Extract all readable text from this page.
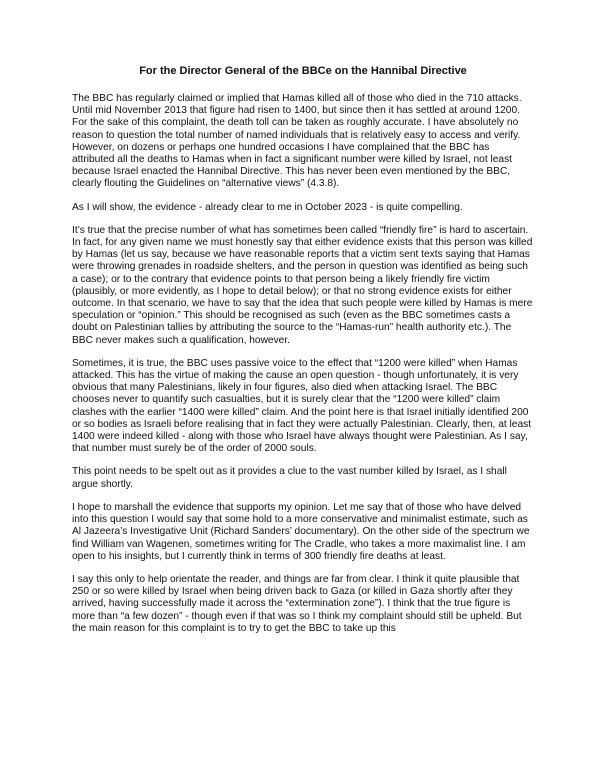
For the Director General of the BBCe on the Hannibal Directive

The BBC has regularly claimed or implied that Hamas killed all of those who died in the 710 attacks. Until mid November 2013 that figure had risen to 1400, but since then it has settled at around 1200. For the sake of this complaint, the death toll can be taken as roughly accurate. I have absolutely no reason to question the total number of named individuals that is relatively easy to access and verify. However, on dozens or perhaps one hundred occasions I have complained that the BBC has attributed all the deaths to Hamas when in fact a significant number were killed by Israel, not least because Israel enacted the Hannibal Directive. This has never been even mentioned by the BBC, clearly flouting the Guidelines on “alternative views” (4.3.8).

As I will show, the evidence - already clear to me in October 2023 - is quite compelling.

It’s true that the precise number of what has sometimes been called “friendly fire” is hard to ascertain. In fact, for any given name we must honestly say that either evidence exists that this person was killed by Hamas (let us say, because we have reasonable reports that a victim sent texts saying that Hamas were throwing grenades in roadside shelters, and the person in question was identified as being such a case); or to the contrary that evidence points to that person being a likely friendly fire victim (plausibly, or more evidently, as I hope to detail below); or that no strong evidence exists for either outcome. In that scenario, we have to say that the idea that such people were killed by Hamas is mere speculation or “opinion.” This should be recognised as such (even as the BBC sometimes casts a doubt on Palestinian tallies by attributing the source to the “Hamas-run” health authority etc.). The BBC never makes such a qualification, however.

Sometimes, it is true, the BBC uses passive voice to the effect that “1200 were killed” when Hamas attacked. This has the virtue of making the cause an open question - though unfortunately, it is very obvious that many Palestinians, likely in four figures, also died when attacking Israel. The BBC chooses never to quantify such casualties, but it is surely clear that the “1200 were killed” claim clashes with the earlier “1400 were killed” claim. And the point here is that Israel initially identified 200 or so bodies as Israeli before realising that in fact they were actually Palestinian. Clearly, then, at least 1400 were indeed killed - along with those who Israel have always thought were Palestinian. As I say, that number must surely be of the order of 2000 souls.

This point needs to be spelt out as it provides a clue to the vast number killed by Israel, as I shall argue shortly.

I hope to marshall the evidence that supports my opinion. Let me say that of those who have delved into this question I would say that some hold to a more conservative and minimalist estimate, such as Al Jazeera’s Investigative Unit (Richard Sanders’ documentary). On the other side of the spectrum we find William van Wagenen, sometimes writing for The Cradle, who takes a more maximalist line. I am open to his insights, but I currently think in terms of 300 friendly fire deaths at least.

I say this only to help orientate the reader, and things are far from clear. I think it quite plausible that 250 or so were killed by Israel when being driven back to Gaza (or killed in Gaza shortly after they arrived, having successfully made it across the “extermination zone”). I think that the true figure is more than “a few dozen” - though even if that was so I think my complaint should still be upheld. But the main reason for this complaint is to try to get the BBC to take up this
